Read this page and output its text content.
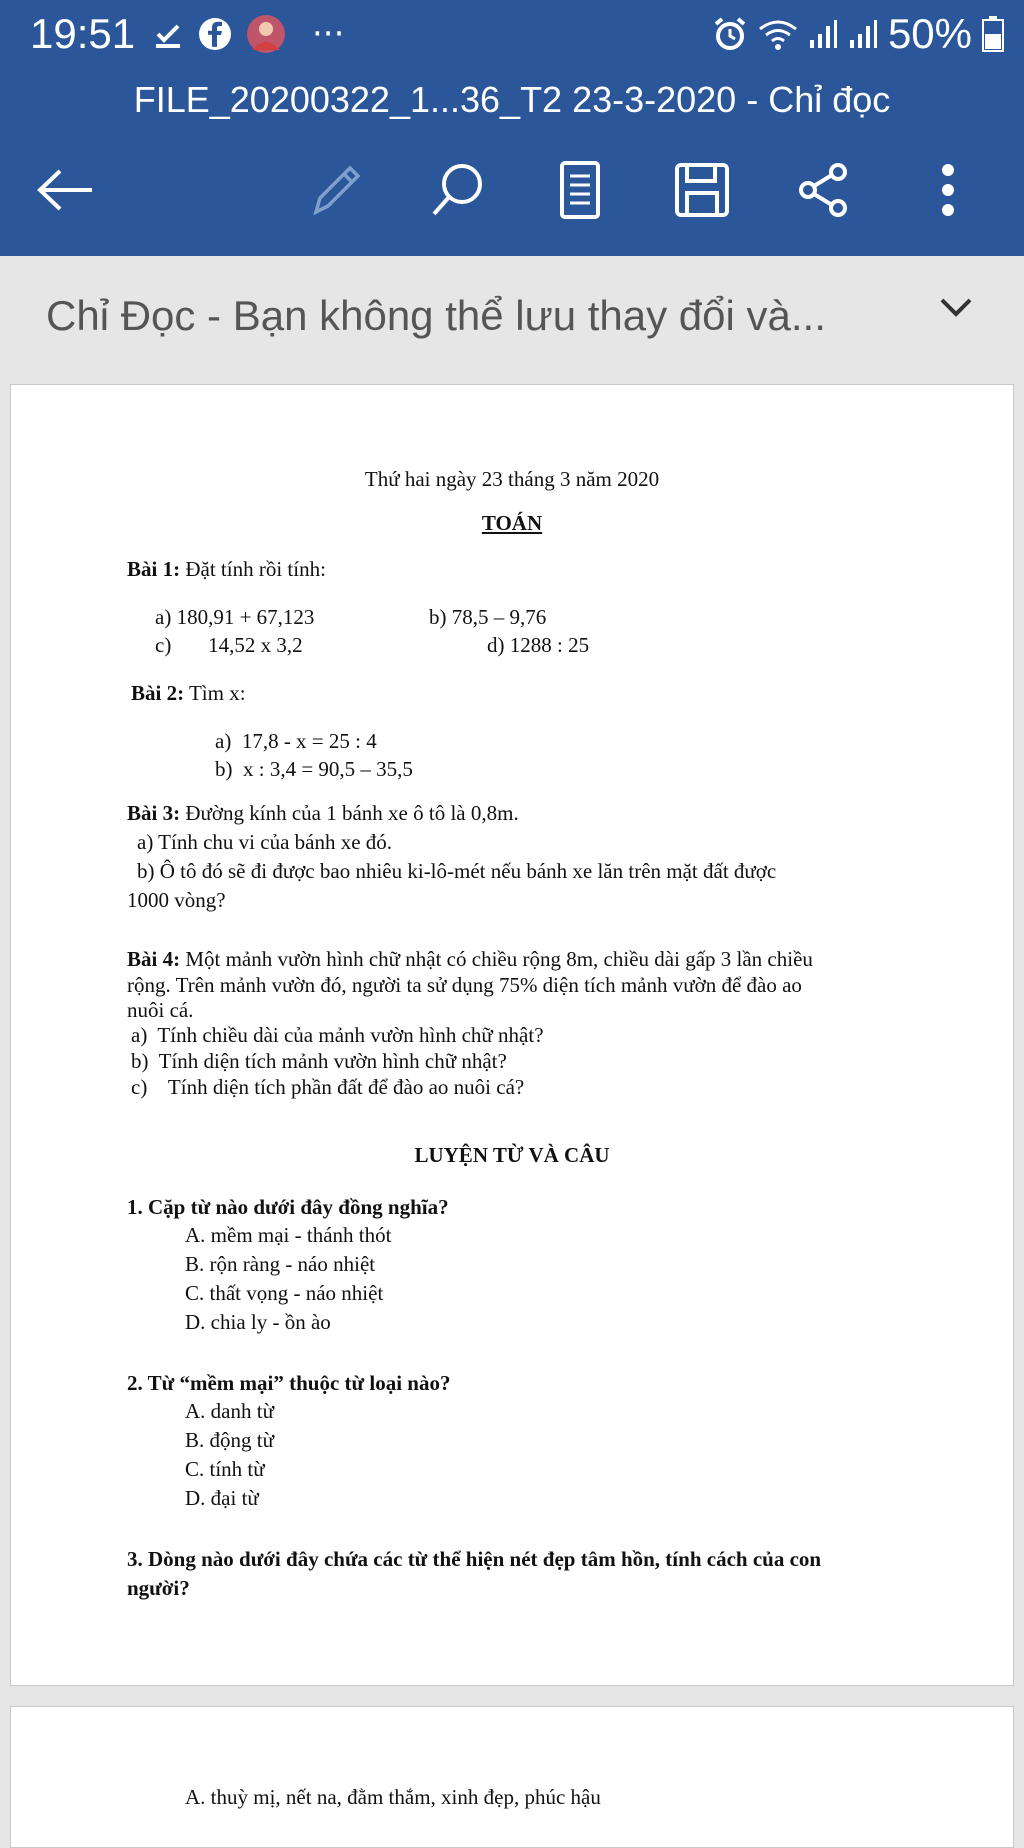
19:51	···	50%
FILE_20200322_1...36_T2 23-3-2020 - Chỉ đọc
Chỉ Đọc - Bạn không thể lưu thay đổi và...
Thứ hai ngày 23 tháng 3 năm 2020
TOÁN
Bài 1: Đặt tính rồi tính:
a) 180,91 + 67,123	b) 78,5 – 9,76
c)       14,52 x 3,2	d) 1288 : 25
Bài 2: Tìm x:
a)  17,8 - x = 25 : 4
b)  x : 3,4 = 90,5 – 35,5
Bài 3: Đường kính của 1 bánh xe ô tô là 0,8m.
a) Tính chu vi của bánh xe đó.
b) Ô tô đó sẽ đi được bao nhiêu ki-lô-mét nếu bánh xe lăn trên mặt đất được
1000 vòng?
Bài 4: Một mảnh vườn hình chữ nhật có chiều rộng 8m, chiều dài gấp 3 lần chiều
rộng. Trên mảnh vườn đó, người ta sử dụng 75% diện tích mảnh vườn để đào ao
nuôi cá.
a)  Tính chiều dài của mảnh vườn hình chữ nhật?
b)  Tính diện tích mảnh vườn hình chữ nhật?
c)    Tính diện tích phần đất để đào ao nuôi cá?
LUYỆN TỪ VÀ CÂU
1. Cặp từ nào dưới đây đồng nghĩa?
A. mềm mại - thánh thót
B. rộn ràng - náo nhiệt
C. thất vọng - náo nhiệt
D. chia ly - ồn ào
2. Từ “mềm mại” thuộc từ loại nào?
A. danh từ
B. động từ
C. tính từ
D. đại từ
3. Dòng nào dưới đây chứa các từ thể hiện nét đẹp tâm hồn, tính cách của con
người?
A. thuỳ mị, nết na, đằm thắm, xinh đẹp, phúc hậu
